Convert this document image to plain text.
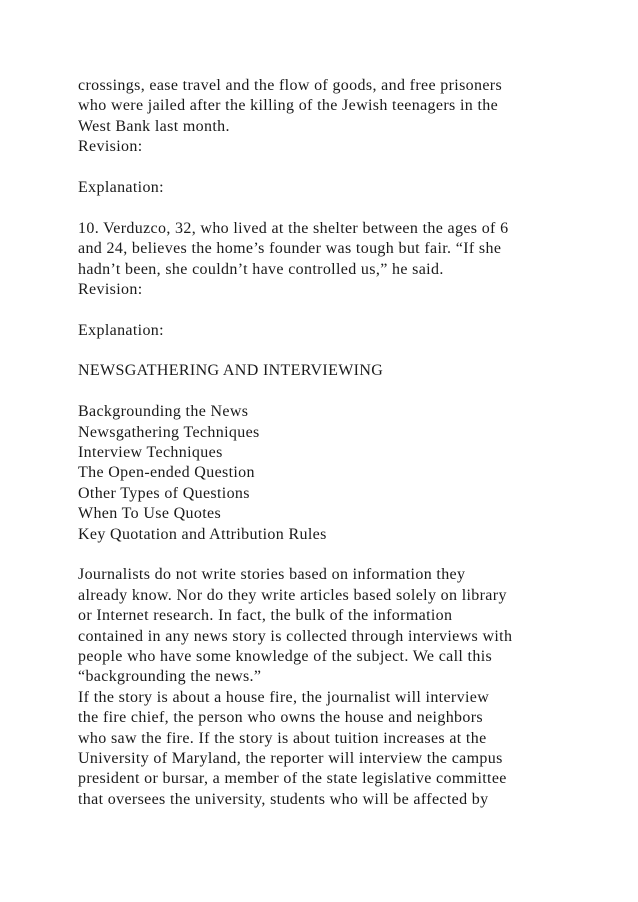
crossings, ease travel and the flow of goods, and free prisoners
who were jailed after the killing of the Jewish teenagers in the
West Bank last month.
Revision:
Explanation:
10. Verduzco, 32, who lived at the shelter between the ages of 6
and 24, believes the home’s founder was tough but fair. “If she
hadn’t been, she couldn’t have controlled us,” he said.
Revision:
Explanation:
NEWSGATHERING AND INTERVIEWING
Backgrounding the News
Newsgathering Techniques
Interview Techniques
The Open-ended Question
Other Types of Questions
When To Use Quotes
Key Quotation and Attribution Rules
Journalists do not write stories based on information they
already know. Nor do they write articles based solely on library
or Internet research. In fact, the bulk of the information
contained in any news story is collected through interviews with
people who have some knowledge of the subject. We call this
“backgrounding the news.”
If the story is about a house fire, the journalist will interview
the fire chief, the person who owns the house and neighbors
who saw the fire. If the story is about tuition increases at the
University of Maryland, the reporter will interview the campus
president or bursar, a member of the state legislative committee
that oversees the university, students who will be affected by
